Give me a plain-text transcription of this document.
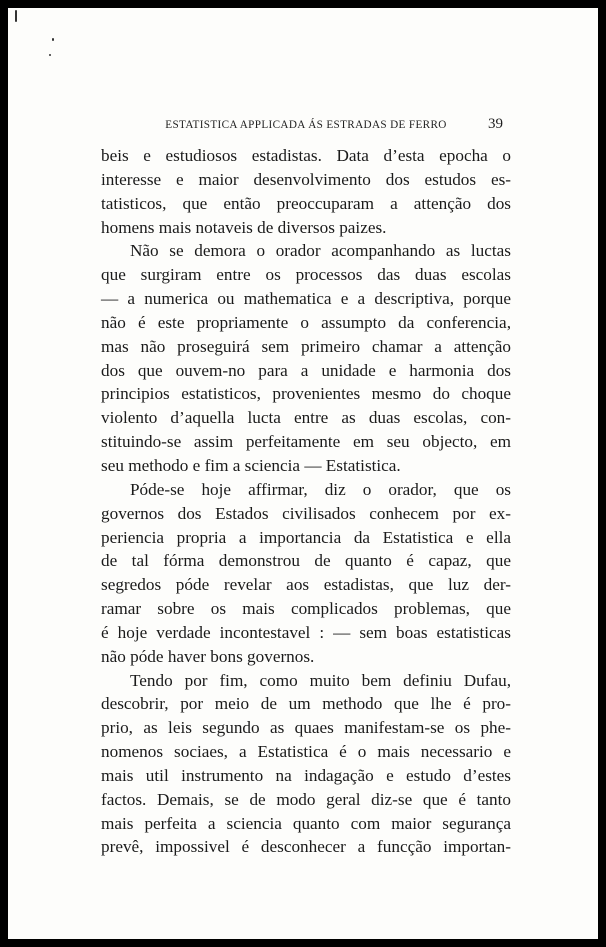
ESTATISTICA APPLICADA ÁS ESTRADAS DE FERRO	39
beis e estudiosos estadistas. Data d’esta epocha o
interesse e maior desenvolvimento dos estudos es-
tatisticos, que então preoccuparam a attenção dos
homens mais notaveis de diversos paizes.
Não se demora o orador acompanhando as luctas
que surgiram entre os processos das duas escolas
— a numerica ou mathematica e a descriptiva, porque
não é este propriamente o assumpto da conferencia,
mas não proseguirá sem primeiro chamar a attenção
dos que ouvem-no para a unidade e harmonia dos
principios estatisticos, provenientes mesmo do choque
violento d’aquella lucta entre as duas escolas, con-
stituindo-se assim perfeitamente em seu objecto, em
seu methodo e fim a sciencia — Estatistica.
Póde-se hoje affirmar, diz o orador, que os
governos dos Estados civilisados conhecem por ex-
periencia propria a importancia da Estatistica e ella
de tal fórma demonstrou de quanto é capaz, que
segredos póde revelar aos estadistas, que luz der-
ramar sobre os mais complicados problemas, que
é hoje verdade incontestavel : — sem boas estatisticas
não póde haver bons governos.
Tendo por fim, como muito bem definiu Dufau,
descobrir, por meio de um methodo que lhe é pro-
prio, as leis segundo as quaes manifestam-se os phe-
nomenos sociaes, a Estatistica é o mais necessario e
mais util instrumento na indagação e estudo d’estes
factos. Demais, se de modo geral diz-se que é tanto
mais perfeita a sciencia quanto com maior segurança
prevê, impossivel é desconhecer a funcção importan-
